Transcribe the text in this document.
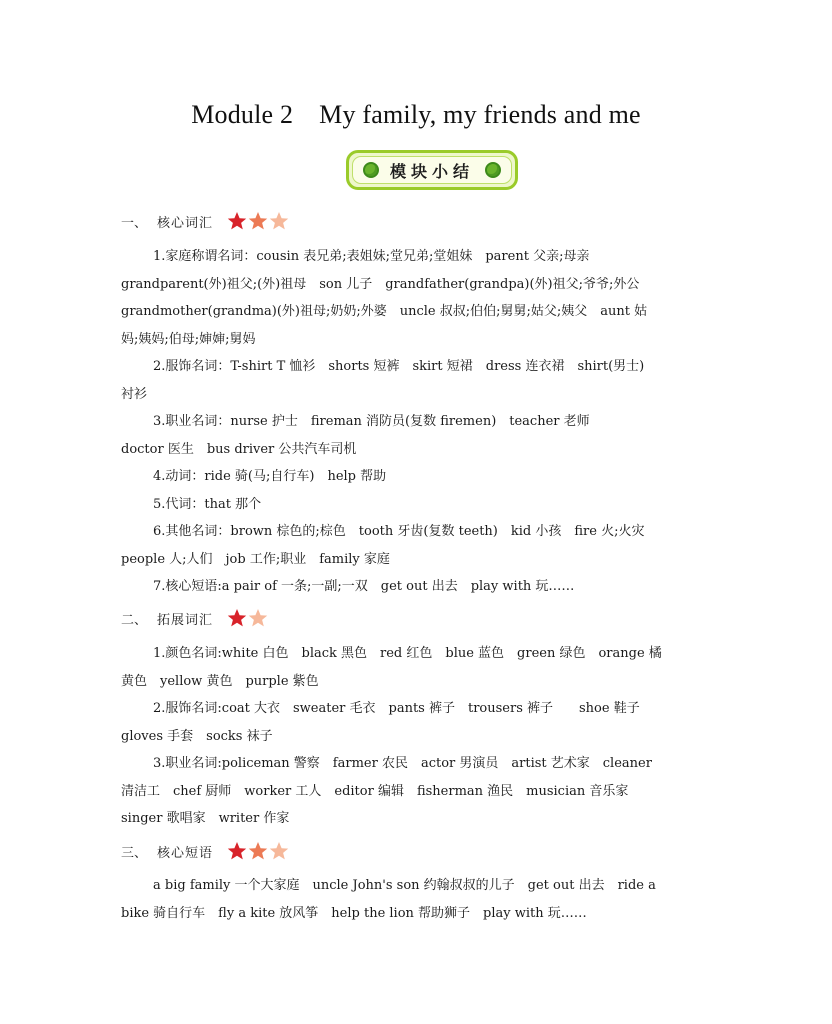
Module 2 My family, my friends and me
模块小结
一、 核心词汇
1.家庭称谓名词：cousin 表兄弟;表姐妹;堂兄弟;堂姐妹　parent 父亲;母亲
grandparent(外)祖父;(外)祖母　son 儿子　grandfather(grandpa)(外)祖父;爷爷;外公
grandmother(grandma)(外)祖母;奶奶;外婆　uncle 叔叔;伯伯;舅舅;姑父;姨父　aunt 姑
妈;姨妈;伯母;婶婶;舅妈
2.服饰名词：T-shirt T 恤衫　shorts 短裤　skirt 短裙　dress 连衣裙　shirt(男士)
衬衫
3.职业名词：nurse 护士　fireman 消防员(复数 firemen)　teacher 老师
doctor 医生　bus driver 公共汽车司机
4.动词：ride 骑(马;自行车)　help 帮助
5.代词：that 那个
6.其他名词：brown 棕色的;棕色　tooth 牙齿(复数 teeth)　kid 小孩　fire 火;火灾
people 人;人们　job 工作;职业　family 家庭
7.核心短语:a pair of 一条;一副;一双　get out 出去　play with 玩……
二、 拓展词汇
1.颜色名词:white 白色　black 黑色　red 红色　blue 蓝色　green 绿色　orange 橘
黄色　yellow 黄色　purple 紫色
2.服饰名词:coat 大衣　sweater 毛衣　pants 裤子　trousers 裤子　　shoe 鞋子
gloves 手套　socks 袜子
3.职业名词:policeman 警察　farmer 农民　actor 男演员　artist 艺术家　cleaner
清洁工　chef 厨师　worker 工人　editor 编辑　fisherman 渔民　musician 音乐家
singer 歌唱家　writer 作家
三、 核心短语
a big family 一个大家庭　uncle John's son 约翰叔叔的儿子　get out 出去　ride a
bike 骑自行车　fly a kite 放风筝　help the lion 帮助狮子　play with 玩……
